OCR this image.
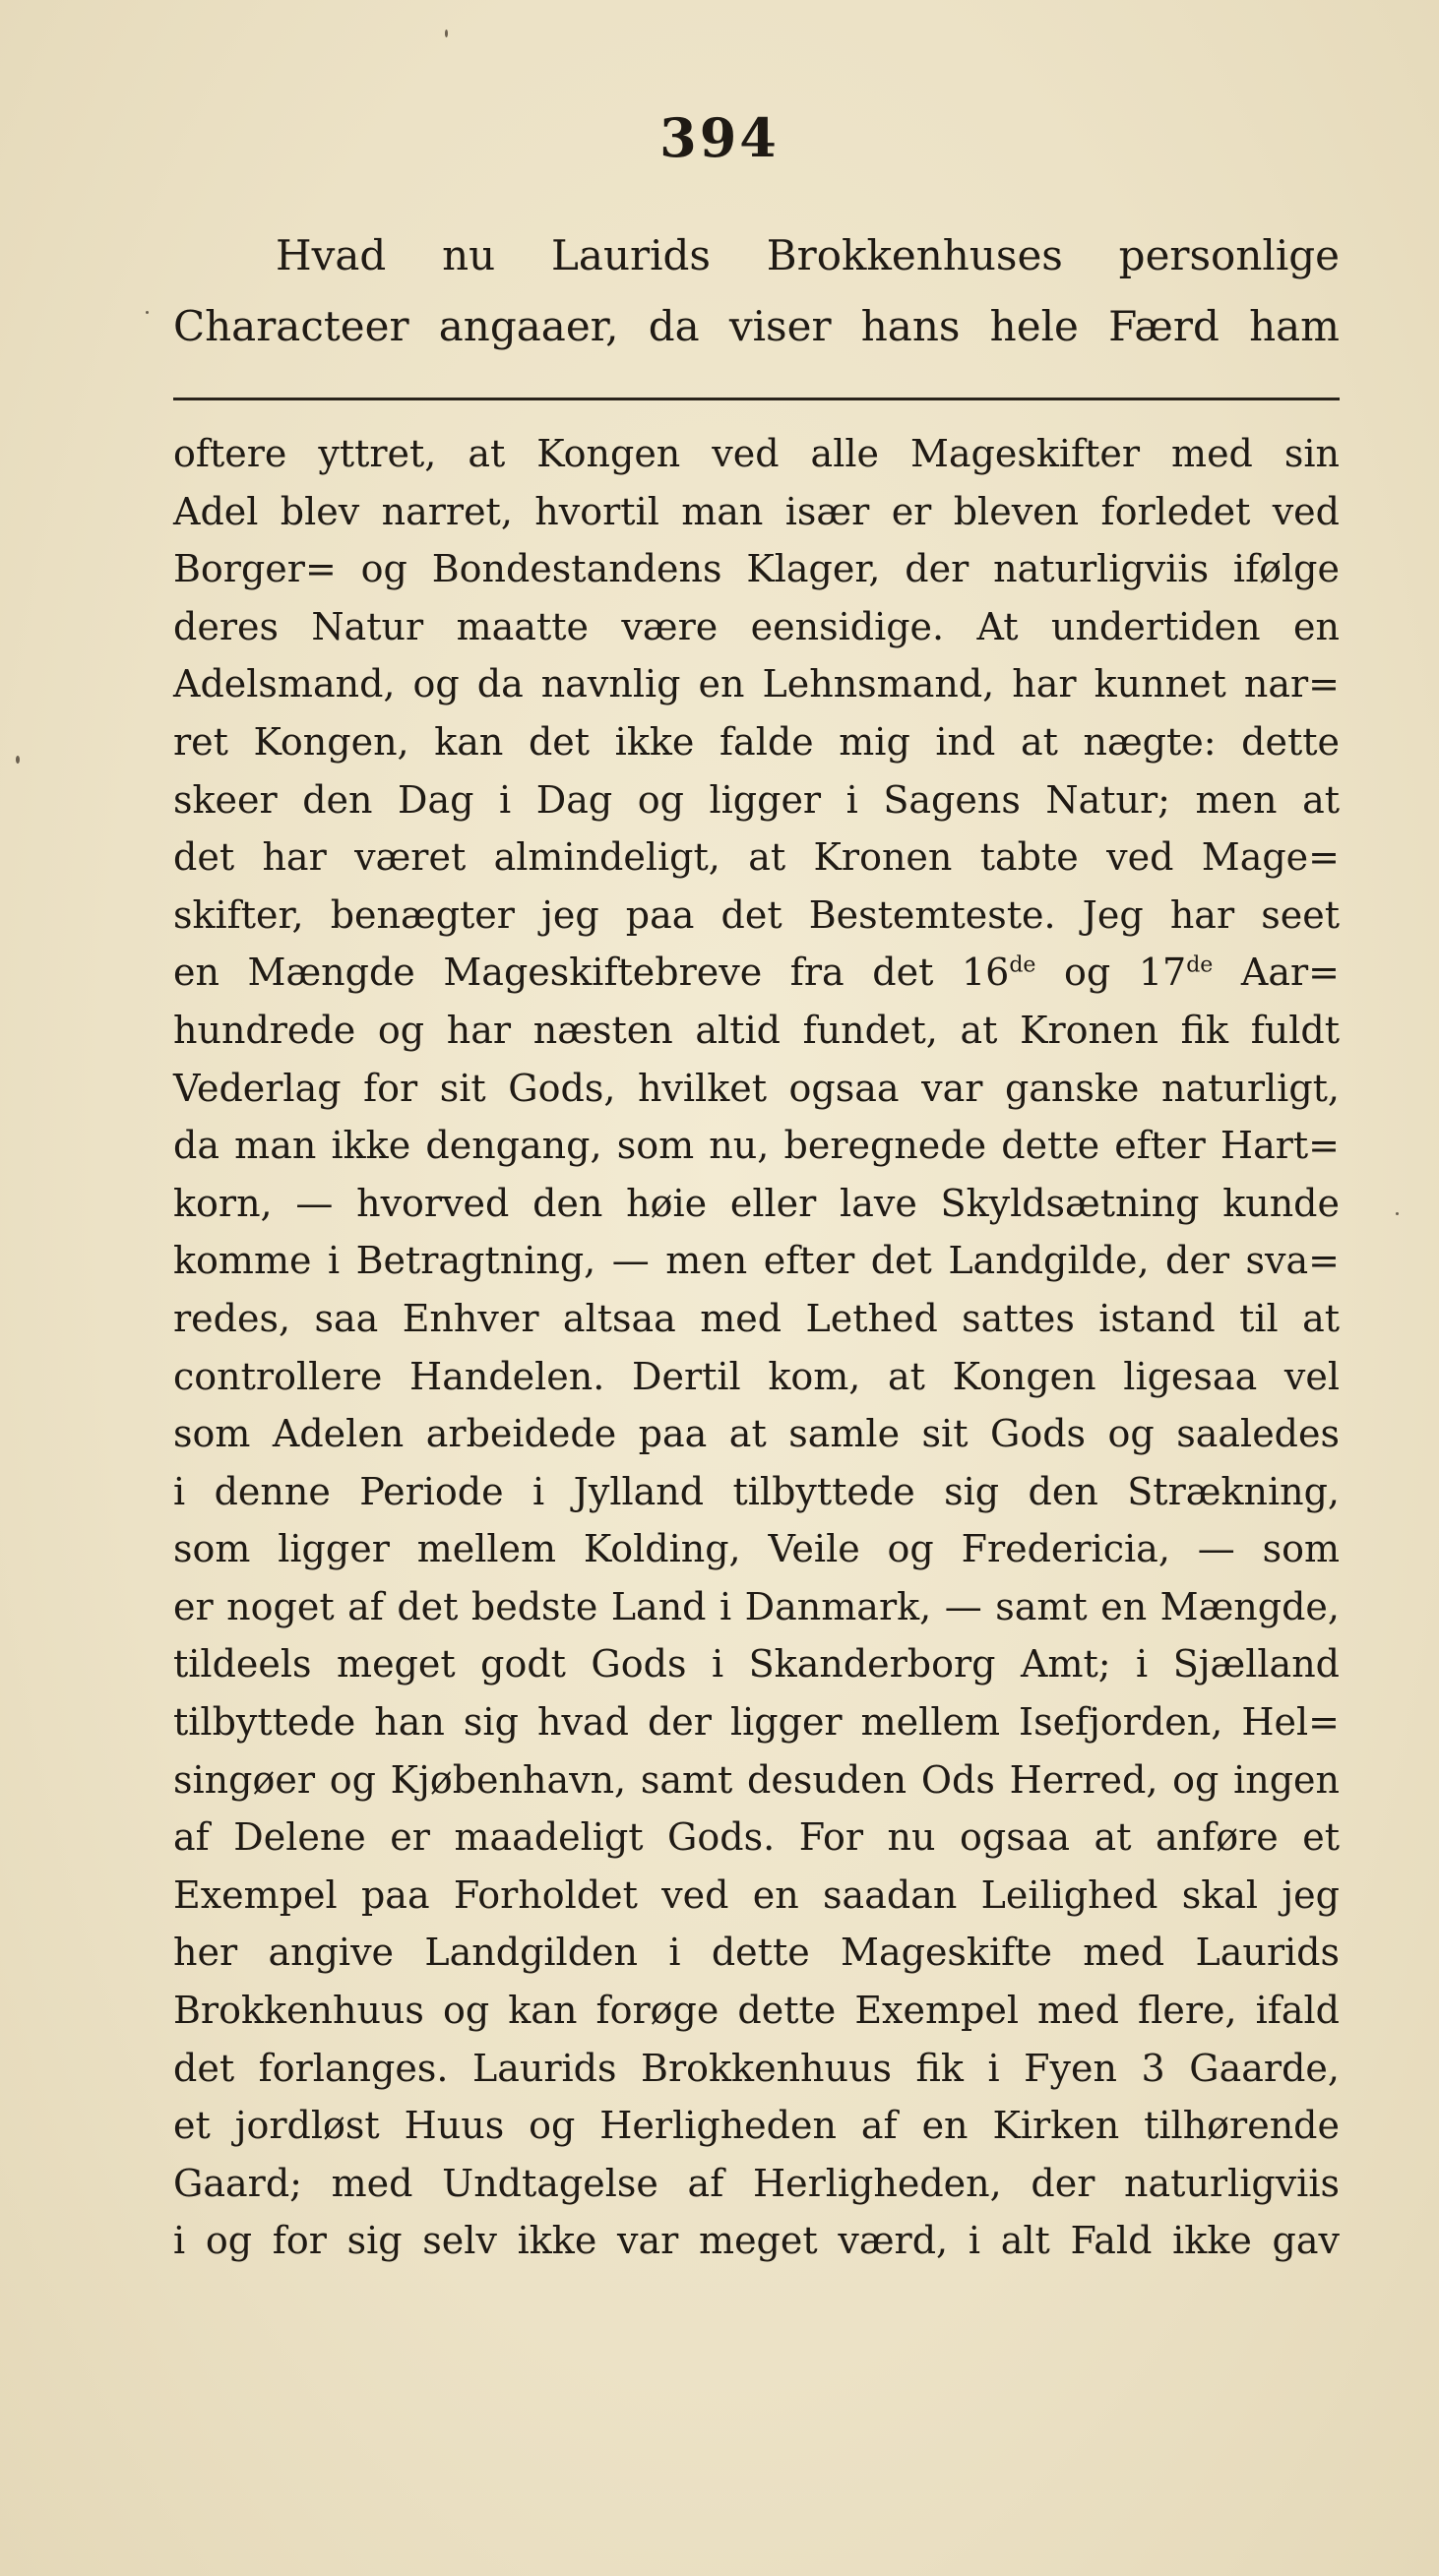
394
Hvad nu Laurids Brokkenhuses personlige
Characteer angaaer, da viser hans hele Færd ham
oftere yttret, at Kongen ved alle Mageskifter med sin
Adel blev narret, hvortil man især er bleven forledet ved
Borger= og Bondestandens Klager, der naturligviis ifølge
deres Natur maatte være eensidige. At undertiden en
Adelsmand, og da navnlig en Lehnsmand, har kunnet nar=
ret Kongen, kan det ikke falde mig ind at nægte: dette
skeer den Dag i Dag og ligger i Sagens Natur; men at
det har været almindeligt, at Kronen tabte ved Mage=
skifter, benægter jeg paa det Bestemteste. Jeg har seet
en Mængde Mageskiftebreve fra det 16de og 17de Aar=
hundrede og har næsten altid fundet, at Kronen fik fuldt
Vederlag for sit Gods, hvilket ogsaa var ganske naturligt,
da man ikke dengang, som nu, beregnede dette efter Hart=
korn, — hvorved den høie eller lave Skyldsætning kunde
komme i Betragtning, — men efter det Landgilde, der sva=
redes, saa Enhver altsaa med Lethed sattes istand til at
controllere Handelen. Dertil kom, at Kongen ligesaa vel
som Adelen arbeidede paa at samle sit Gods og saaledes
i denne Periode i Jylland tilbyttede sig den Strækning,
som ligger mellem Kolding, Veile og Fredericia, — som
er noget af det bedste Land i Danmark, — samt en Mængde,
tildeels meget godt Gods i Skanderborg Amt; i Sjælland
tilbyttede han sig hvad der ligger mellem Isefjorden, Hel=
singøer og Kjøbenhavn, samt desuden Ods Herred, og ingen
af Delene er maadeligt Gods. For nu ogsaa at anføre et
Exempel paa Forholdet ved en saadan Leilighed skal jeg
her angive Landgilden i dette Mageskifte med Laurids
Brokkenhuus og kan forøge dette Exempel med flere, ifald
det forlanges. Laurids Brokkenhuus fik i Fyen 3 Gaarde,
et jordløst Huus og Herligheden af en Kirken tilhørende
Gaard; med Undtagelse af Herligheden, der naturligviis
i og for sig selv ikke var meget værd, i alt Fald ikke gav
